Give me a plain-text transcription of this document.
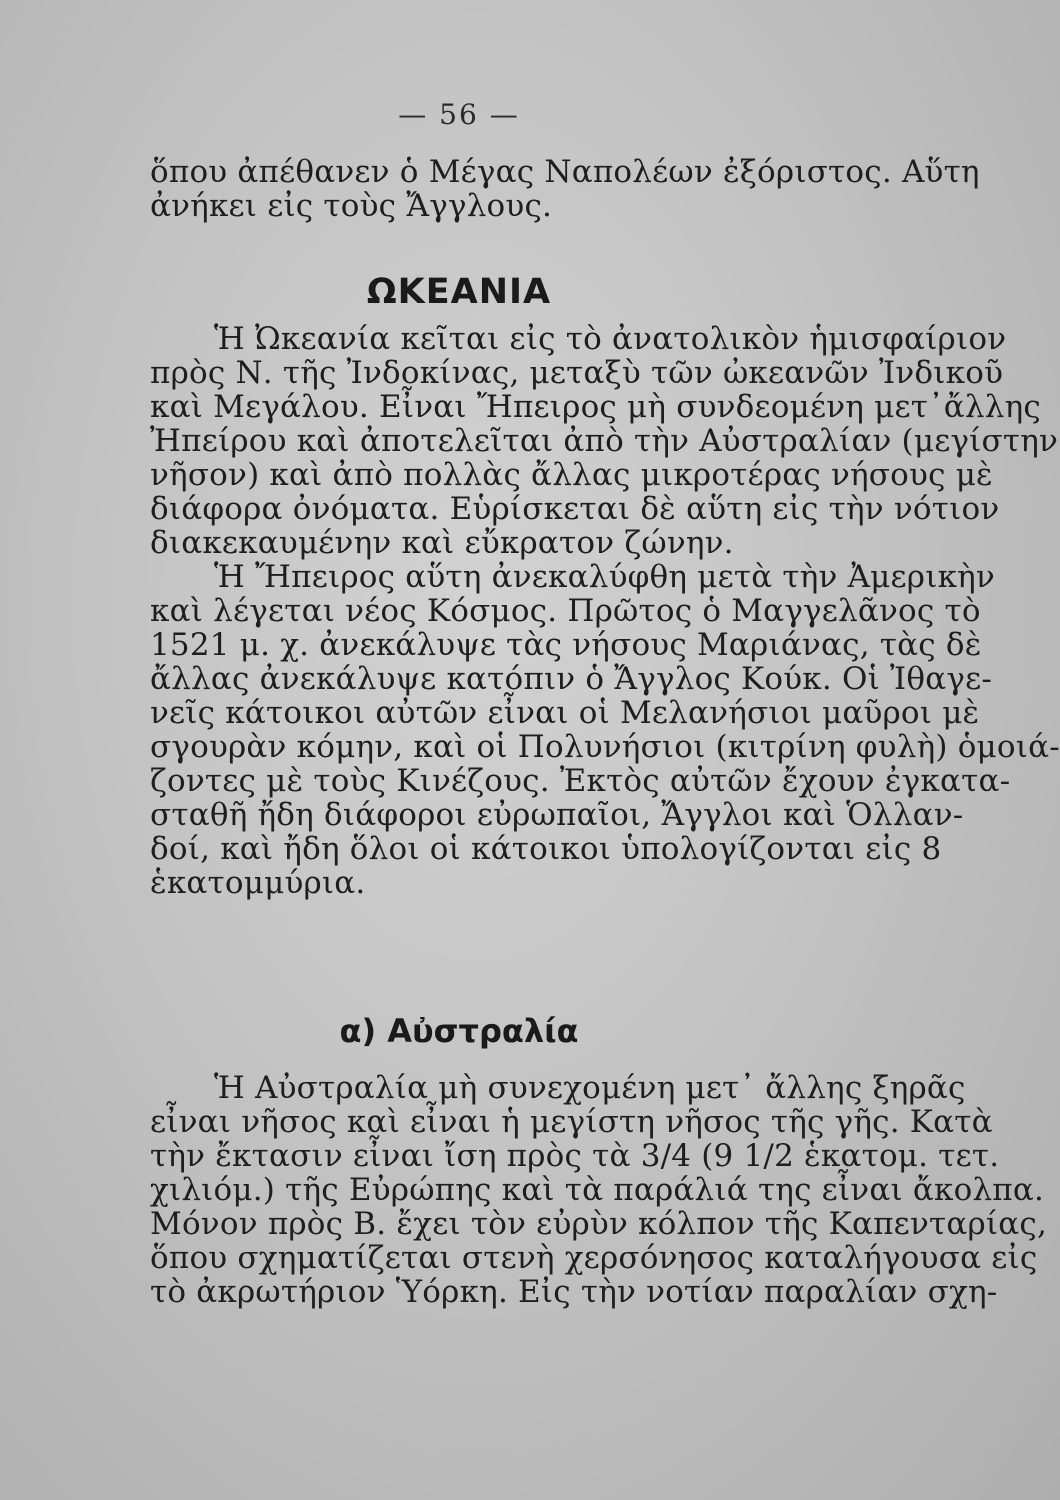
— 56 —
ὅπου ἀπέθανεν ὁ Μέγας Ναπολέων ἐξόριστος. Αὕτη
ἀνήκει εἰς τοὺς Ἄγγλους.
ΩΚΕΑΝΙΑ

Ἡ Ὠκεανία κεῖται εἰς τὸ ἀνατολικὸν ἡμισφαίριον
πρὸς Ν. τῆς Ἰνδοκίνας, μεταξὺ τῶν ὠκεανῶν Ἰνδικοῦ
καὶ Μεγάλου. Εἶναι Ἤπειρος μὴ συνδεομένη μετ᾽ἄλλης
Ἠπείρου καὶ ἀποτελεῖται ἀπὸ τὴν Αὐστραλίαν (μεγίστην
νῆσον) καὶ ἀπὸ πολλὰς ἄλλας μικροτέρας νήσους μὲ
διάφορα ὀνόματα. Εὑρίσκεται δὲ αὕτη εἰς τὴν νότιον
διακεκαυμένην καὶ εὔκρατον ζώνην.

Ἡ Ἤπειρος αὕτη ἀνεκαλύφθη μετὰ τὴν Ἀμερικὴν
καὶ λέγεται νέος Κόσμος. Πρῶτος ὁ Μαγγελᾶνος τὸ
1521 μ. χ. ἀνεκάλυψε τὰς νήσους Μαριάνας, τὰς δὲ
ἄλλας ἀνεκάλυψε κατόπιν ὁ Ἄγγλος Κούκ. Οἱ Ἰθαγε-
νεῖς κάτοικοι αὐτῶν εἶναι οἱ Μελανήσιοι μαῦροι μὲ
σγουρὰν κόμην, καὶ οἱ Πολυνήσιοι (κιτρίνη φυλὴ) ὁμοιά-
ζοντες μὲ τοὺς Κινέζους. Ἐκτὸς αὐτῶν ἔχουν ἐγκατα-
σταθῆ ἤδη διάφοροι εὐρωπαῖοι, Ἄγγλοι καὶ Ὁλλαν-
δοί, καὶ ἤδη ὅλοι οἱ κάτοικοι ὑπολογίζονται εἰς 8
ἑκατομμύρια.

α) Αὐστραλία

Ἡ Αὐστραλία μὴ συνεχομένη μετ᾽ ἄλλης ξηρᾶς
εἶναι νῆσος καὶ εἶναι ἡ μεγίστη νῆσος τῆς γῆς. Κατὰ
τὴν ἔκτασιν εἶναι ἴση πρὸς τὰ 3/4 (9 1/2 ἑκατομ. τετ.
χιλιόμ.) τῆς Εὐρώπης καὶ τὰ παράλιά της εἶναι ἄκολπα.
Μόνον πρὸς Β. ἔχει τὸν εὐρὺν κόλπον τῆς Καπενταρίας,
ὅπου σχηματίζεται στενὴ χερσόνησος καταλήγουσα εἰς
τὸ ἀκρωτήριον Ὑόρκη. Εἰς τὴν νοτίαν παραλίαν σχη-
